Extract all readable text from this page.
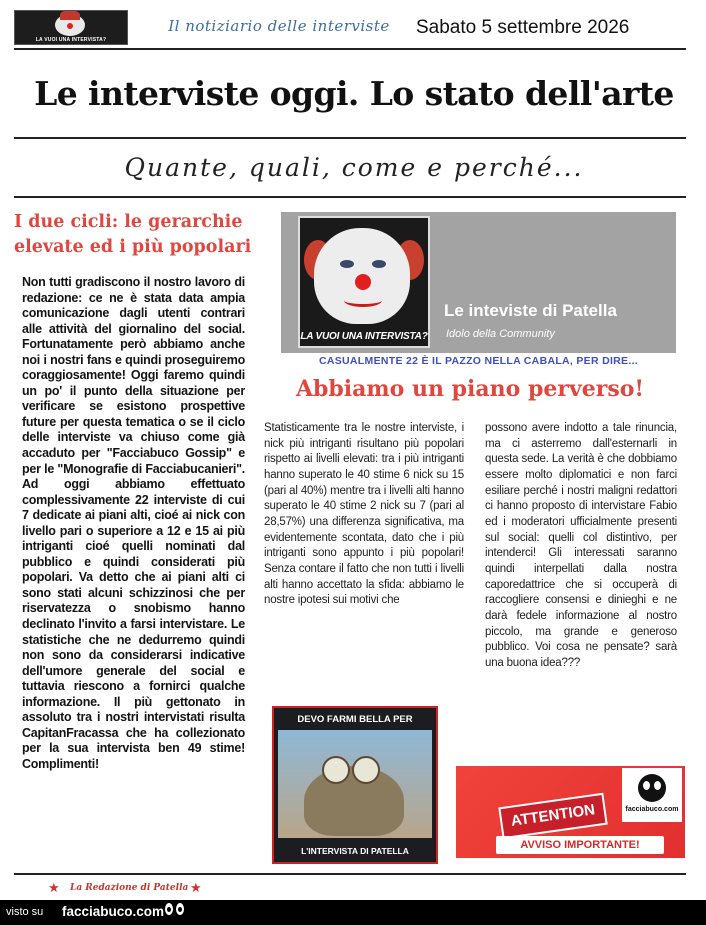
LA VUOI UNA INTERVISTA?
Il notiziario delle interviste	Sabato 5 settembre 2026
Le interviste oggi. Lo stato dell'arte
Quante, quali, come e perché...
I due cicli: le gerarchie elevate ed i più popolari
Non tutti gradiscono il nostro lavoro di redazione: ce ne è stata data ampia comunicazione dagli utenti contrari alle attività del giornalino del social. Fortunatamente però abbiamo anche noi i nostri fans e quindi proseguiremo coraggiosamente! Oggi faremo quindi un po' il punto della situazione per verificare se esistono prospettive future per questa tematica o se il ciclo delle interviste va chiuso come già accaduto per "Facciabuco Gossip" e per le "Monografie di Facciabucanieri". Ad oggi abbiamo effettuato complessivamente 22 interviste di cui 7 dedicate ai piani alti, cioé ai nick con livello pari o superiore a 12 e 15 ai più intriganti cioé quelli nominati dal pubblico e quindi considerati più popolari. Va detto che ai piani alti ci sono stati alcuni schizzinosi che per riservatezza o snobismo hanno declinato l'invito a farsi intervistare. Le statistiche che ne dedurremo quindi non sono da considerarsi indicative dell'umore generale del social e tuttavia riescono a fornirci qualche informazione. Il più gettonato in assoluto tra i nostri intervistati risulta CapitanFracassa che ha collezionato per la sua intervista ben 49 stime! Complimenti!
LA VUOI UNA INTERVISTA?
Le inteviste di Patella
Idolo della Community
CASUALMENTE 22 È IL PAZZO NELLA CABALA, PER DIRE...
Abbiamo un piano perverso!
Statisticamente tra le nostre interviste, i nick più intriganti risultano più popolari rispetto ai livelli elevati: tra i più intriganti hanno superato le 40 stime 6 nick su 15 (pari al 40%) mentre tra i livelli alti hanno superato le 40 stime 2 nick su 7 (pari al 28,57%) una differenza significativa, ma evidentemente scontata, dato che i più intriganti sono appunto i più popolari! Senza contare il fatto che non tutti i livelli alti hanno accettato la sfida: abbiamo le nostre ipotesi sui motivi che
possono avere indotto a tale rinuncia, ma ci asterremo dall'esternarli in questa sede. La verità è che dobbiamo essere molto diplomatici e non farci esiliare perché i nostri maligni redattori ci hanno proposto di intervistare Fabio ed i moderatori ufficialmente presenti sul social: quelli col distintivo, per intenderci! Gli interessati saranno quindi interpellati dalla nostra caporedattrice che si occuperà di raccogliere consensi e dinieghi e ne darà fedele informazione al nostro piccolo, ma grande e generoso pubblico. Voi cosa ne pensate? sarà una buona idea???
DEVO FARMI BELLA PER
L'INTERVISTA DI PATELLA
ATTENTION
AVVISO IMPORTANTE!
facciabuco.com
★ La Redazione di Patella ★
visto su facciabuco.com
